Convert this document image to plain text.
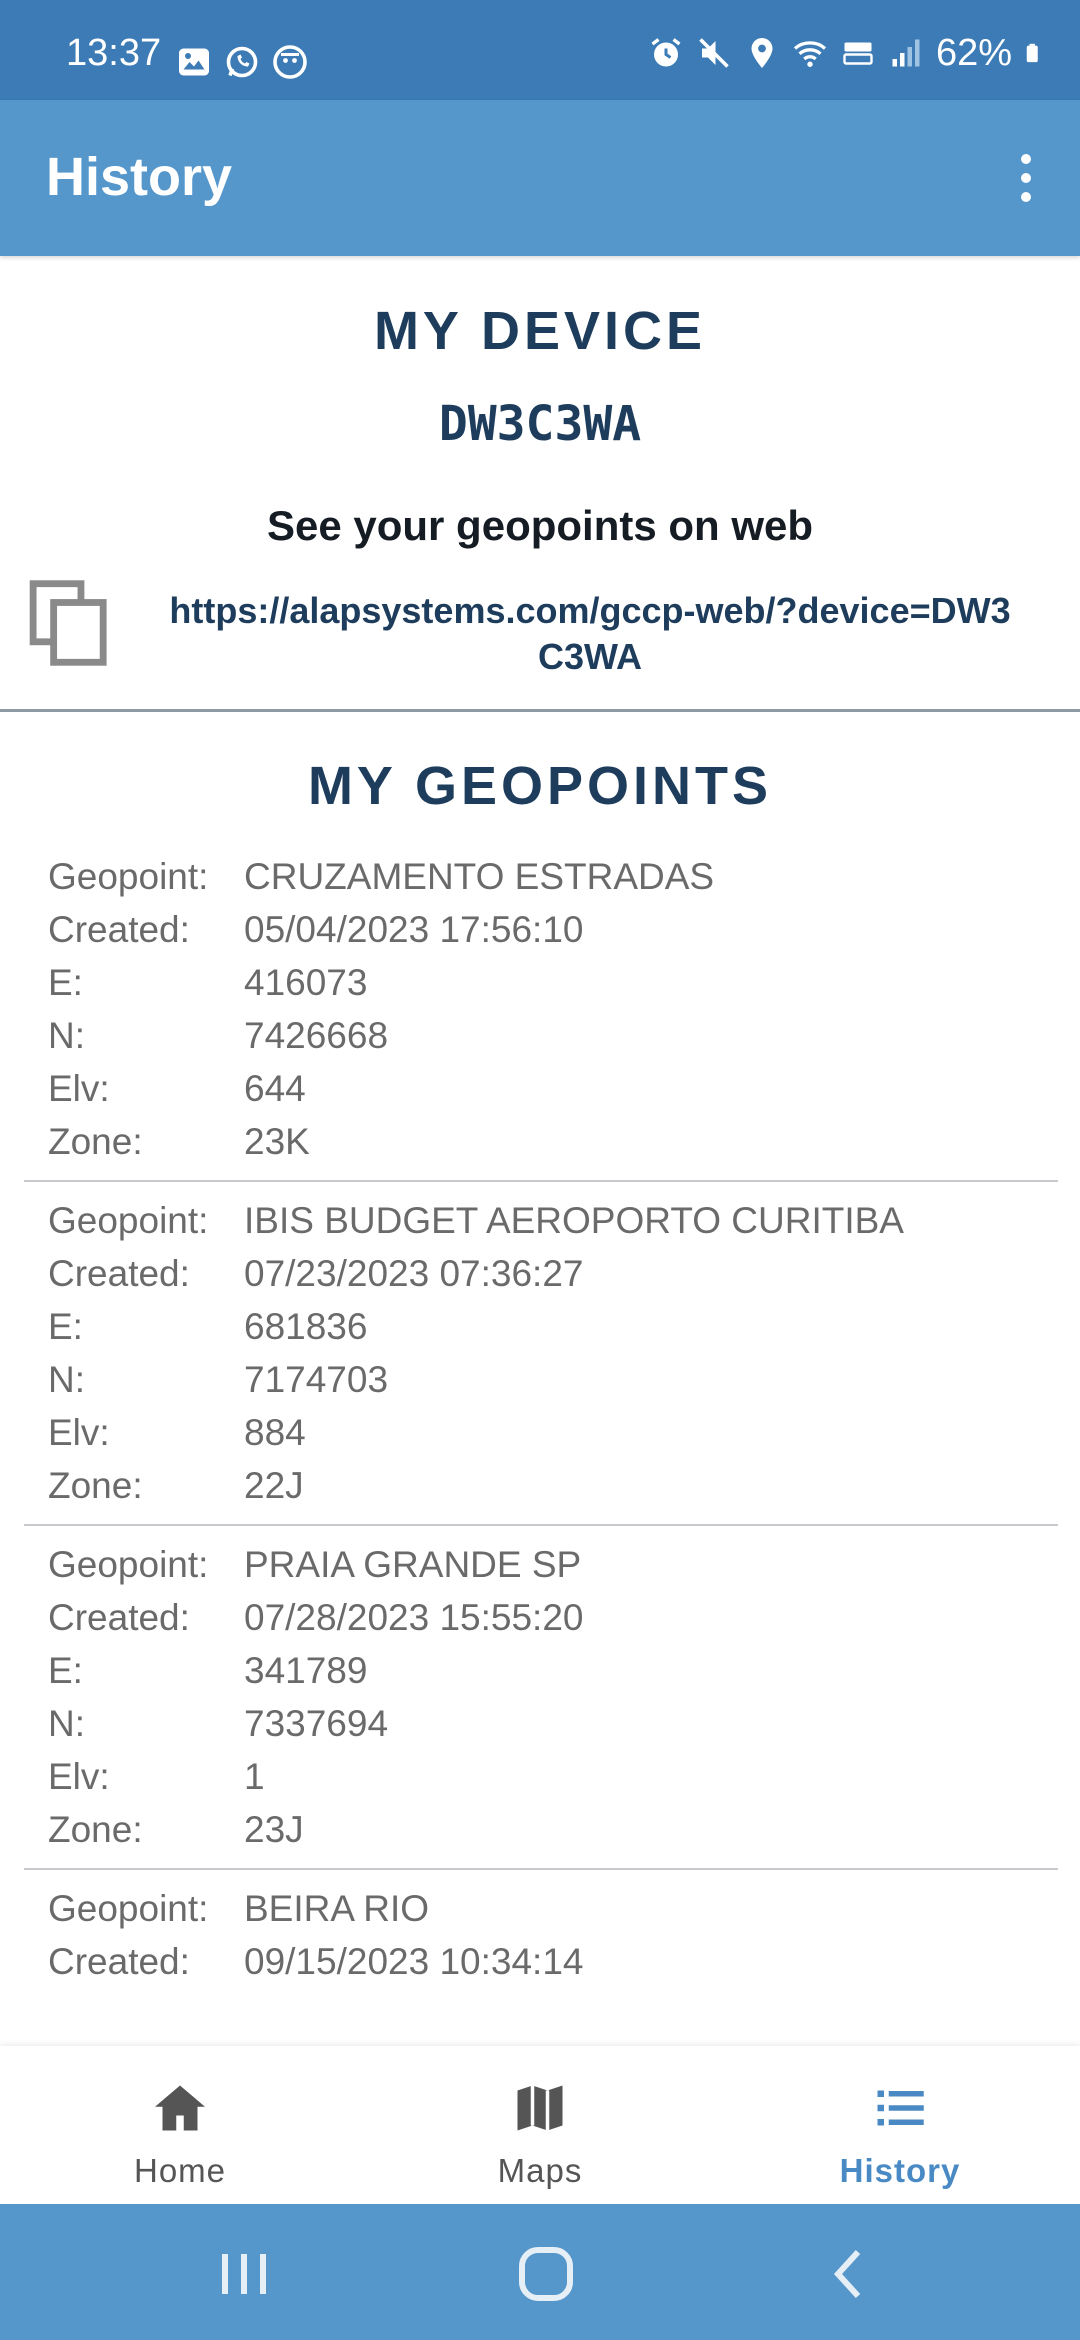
13:37	62%
History
MY DEVICE
DW3C3WA
See your geopoints on web
https://alapsystems.com/gccp-web/?device=DW3C3WA
MY GEOPOINTS
Geopoint: CRUZAMENTO ESTRADAS
Created:	05/04/2023 17:56:10
E:	416073
N:	7426668
Elv:	644
Zone:	23K
Geopoint: IBIS BUDGET AEROPORTO CURITIBA
Created:	07/23/2023 07:36:27
E:	681836
N:	7174703
Elv:	884
Zone:	22J
Geopoint: PRAIA GRANDE SP
Created:	07/28/2023 15:55:20
E:	341789
N:	7337694
Elv:	1
Zone:	23J
Geopoint: BEIRA RIO
Created:	09/15/2023 10:34:14
Home	Maps	History
